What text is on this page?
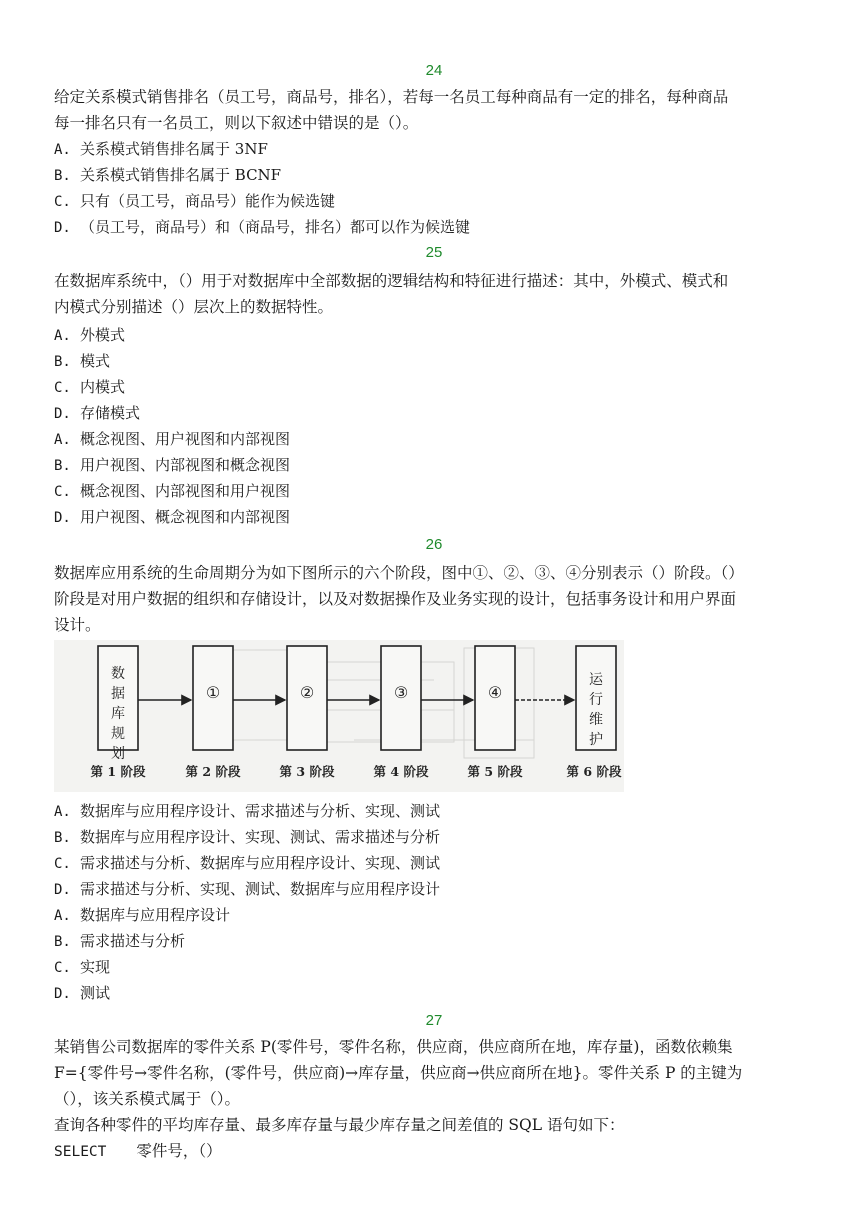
24
给定关系模式销售排名（员工号，商品号，排名），若每一名员工每种商品有一定的排名，每种商品
每一排名只有一名员工，则以下叙述中错误的是（）。
A. 关系模式销售排名属于 3NF
B. 关系模式销售排名属于 BCNF
C. 只有（员工号，商品号）能作为候选键
D. （员工号，商品号）和（商品号，排名）都可以作为候选键
25
在数据库系统中，（）用于对数据库中全部数据的逻辑结构和特征进行描述：其中，外模式、模式和
内模式分别描述（）层次上的数据特性。
A. 外模式
B. 模式
C. 内模式
D. 存储模式
A. 概念视图、用户视图和内部视图
B. 用户视图、内部视图和概念视图
C. 概念视图、内部视图和用户视图
D. 用户视图、概念视图和内部视图
26
数据库应用系统的生命周期分为如下图所示的六个阶段，图中①、②、③、④分别表示（）阶段。（）
阶段是对用户数据的组织和存储设计，以及对数据操作及业务实现的设计，包括事务设计和用户界面
设计。
数据库规划
①	②	③	④
运行维护
第 1 阶段	第 2 阶段	第 3 阶段	第 4 阶段	第 5 阶段	第 6 阶段
A. 数据库与应用程序设计、需求描述与分析、实现、测试
B. 数据库与应用程序设计、实现、测试、需求描述与分析
C. 需求描述与分析、数据库与应用程序设计、实现、测试
D. 需求描述与分析、实现、测试、数据库与应用程序设计
A. 数据库与应用程序设计
B. 需求描述与分析
C. 实现
D. 测试
27
某销售公司数据库的零件关系 P(零件号，零件名称，供应商，供应商所在地，库存量)，函数依赖集
F={零件号→零件名称，(零件号，供应商)→库存量，供应商→供应商所在地}。零件关系 P 的主键为
（），该关系模式属于（）。
查询各种零件的平均库存量、最多库存量与最少库存量之间差值的 SQL 语句如下：
SELECT 零件号，（）
